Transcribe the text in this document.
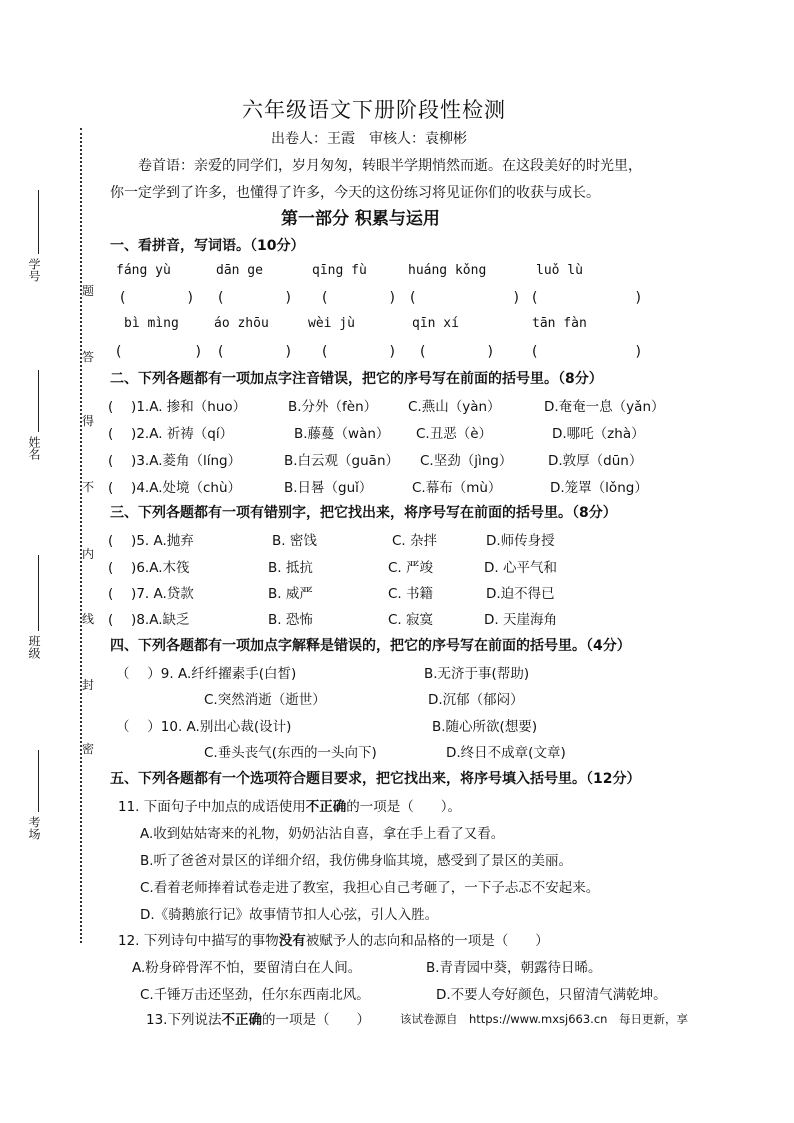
学号
姓名
班级
考场
题
答
得
不
内
线
封
密
六年级语文下册阶段性检测
出卷人：王霞　审核人：袁柳彬
卷首语：亲爱的同学们，岁月匆匆，转眼半学期悄然而逝。在这段美好的时光里，
你一定学到了许多，也懂得了许多，今天的这份练习将见证你们的收获与成长。
第一部分 积累与运用
一、看拼音，写词语。（10分）
fáng yù	dān ge	qīng fù	huáng kǒng	luǒ lù
(　　　) (　　　) (　　　) (　　　) (　　　)
bì mìng	áo zhōu	wèi jù	qīn xí	tān fàn
(　　　) (　　　) (　　　) (　　　) (　　　)
二、下列各题都有一项加点字注音错误，把它的序号写在前面的括号里。（8分）
(　 )1.A. 掺和（huo）	B.分外（fèn） C.燕山（yàn）	D.奄奄一息（yǎn）
(　 )2.A. 祈祷（qí）	B.藤蔓（wàn） C.丑恶（è）	D.哪吒（zhà）
(　 )3.A.菱角（líng）	B.白云观（guān） C.坚劲（jìng）	D.敦厚（dūn）
(　 )4.A.处境（chù）	B.日晷（guǐ）	C.幕布（mù）	D.笼罩（lǒng）
三、下列各题都有一项有错别字，把它找出来，将序号写在前面的括号里。（8分）
(　 )5. A.抛弃	B. 密饯	C. 杂拌	D.师传身授
(　 )6.A.木筏	B. 抵抗	C. 严竣	D. 心平气和
(　 )7. A.贷款	B. 威严	C. 书籍	D.迫不得已
(　 )8.A.缺乏	B. 恐怖	C. 寂寞	D. 天崖海角
四、下列各题都有一项加点字解释是错误的，把它的序号写在前面的括号里。（4分）
（　 ）9. A.纤纤擢素手(白皙)	B.无济于事(帮助)
C.突然消逝（逝世）	D.沉郁（郁闷）
（　 ）10. A.别出心裁(设计)	B.随心所欲(想要)
C.垂头丧气(东西的一头向下)	D.终日不成章(文章)
五、下列各题都有一个选项符合题目要求，把它找出来，将序号填入括号里。（12分）
11. 下面句子中加点的成语使用不正确的一项是（　　）。
A.收到姑姑寄来的礼物，奶奶沾沾自喜，拿在手上看了又看。
B.听了爸爸对景区的详细介绍，我仿佛身临其境，感受到了景区的美丽。
C.看着老师捧着试卷走进了教室，我担心自己考砸了，一下子忐忑不安起来。
D.《骑鹅旅行记》故事情节扣人心弦，引人入胜。
12. 下列诗句中描写的事物没有被赋予人的志向和品格的一项是（　　）
A.粉身碎骨浑不怕，要留清白在人间。	B.青青园中葵，朝露待日晞。
C.千锤万击还坚劲，任尔东西南北风。	D.不要人夸好颜色，只留清气满乾坤。
13.下列说法不正确的一项是（　　）	该试卷源自　https://www.mxsj663.cn　每日更新，享
